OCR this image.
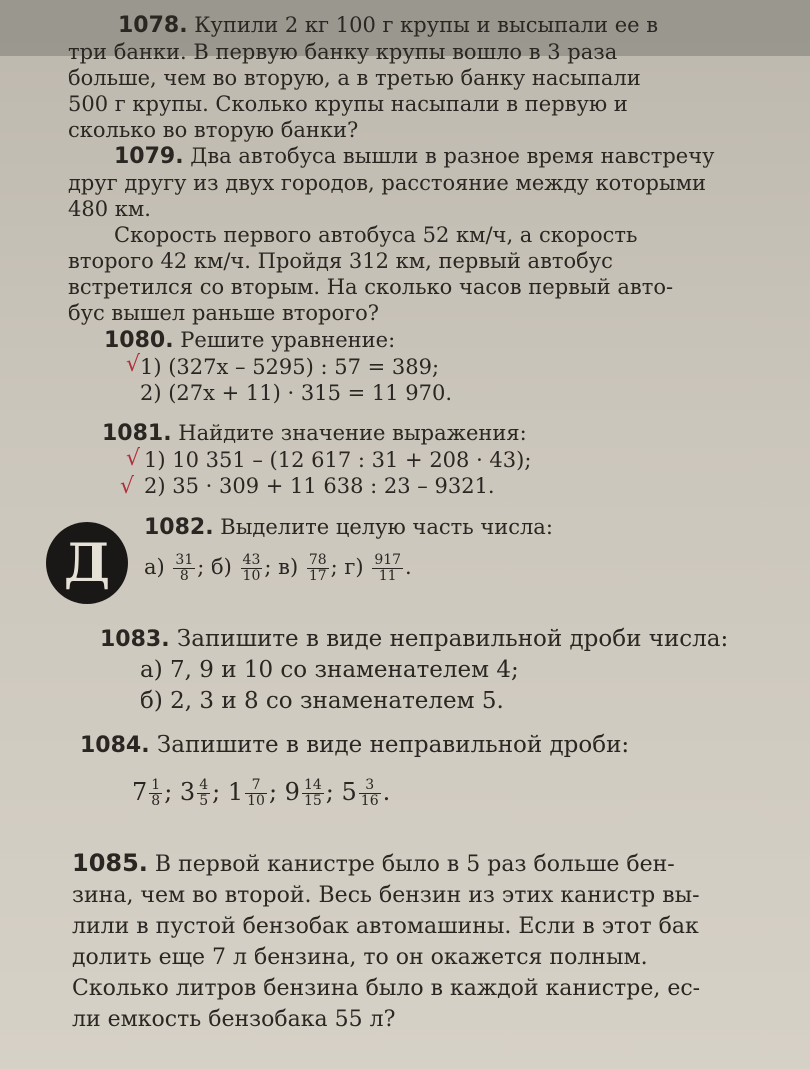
1078. Купили 2 кг 100 г крупы и высыпали ее в
три банки. В первую банку крупы вошло в 3 раза
больше, чем во вторую, а в третью банку насыпали
500 г крупы. Сколько крупы насыпали в первую и
сколько во вторую банки?
1079. Два автобуса вышли в разное время навстречу
друг другу из двух городов, расстояние между которыми
480 км.
Скорость первого автобуса 52 км/ч, а скорость
второго 42 км/ч. Пройдя 312 км, первый автобус
встретился со вторым. На сколько часов первый авто-
бус вышел раньше второго?
1080. Решите уравнение:
1) (327x – 5295) : 57 = 389;
2) (27x + 11) · 315 = 11 970.
√
1081. Найдите значение выражения:
1) 10 351 – (12 617 : 31 + 208 · 43);
2) 35 · 309 + 11 638 : 23 – 9321.
√
√
Д
1082. Выделите целую часть числа:
$а) \frac{31}{8}$ ; $б) \frac{43}{10}$ ; $в) \frac{78}{17}$ ; $г) \frac{917}{11}$ .
1083. Запишите в виде неправильной дроби числа:
а) 7, 9 и 10 со знаменателем 4;
б) 2, 3 и 8 со знаменателем 5.
1084. Запишите в виде неправильной дроби:
$7 \frac{1}{8}$ ; $3 \frac{4}{5}$ ; $1 \frac{7}{10}$ ; $9 \frac{14}{15}$ ; $5 \frac{3}{16}$ .
1085. В первой канистре было в 5 раз больше бен-
зина, чем во второй. Весь бензин из этих канистр вы-
лили в пустой бензобак автомашины. Если в этот бак
долить еще 7 л бензина, то он окажется полным.
Сколько литров бензина было в каждой канистре, ес-
ли емкость бензобака 55 л?
